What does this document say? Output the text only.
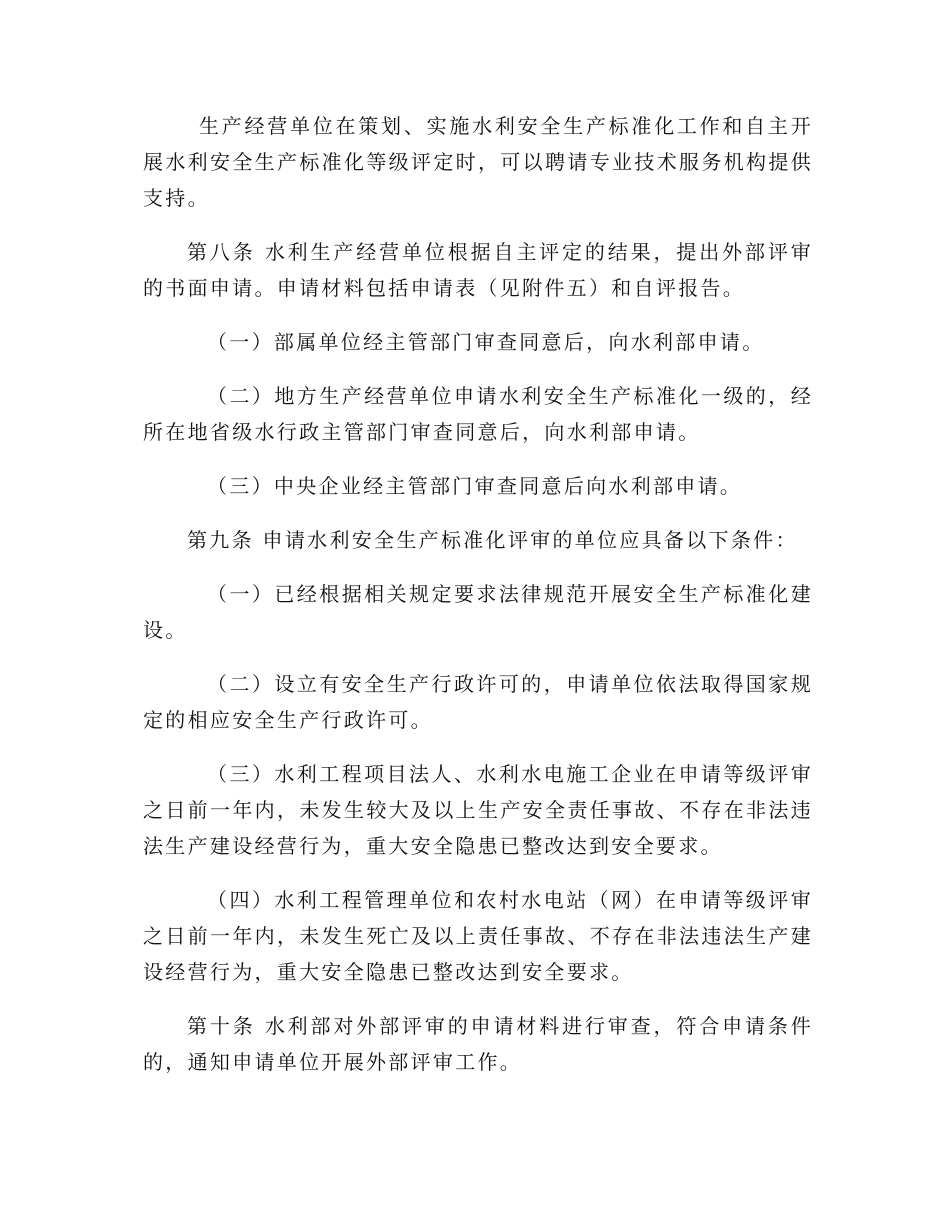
生产经营单位在策划、实施水利安全生产标准化工作和自主开展水利安全生产标准化等级评定时，可以聘请专业技术服务机构提供支持。

第八条 水利生产经营单位根据自主评定的结果，提出外部评审的书面申请。申请材料包括申请表（见附件五）和自评报告。

（一）部属单位经主管部门审查同意后，向水利部申请。

（二）地方生产经营单位申请水利安全生产标准化一级的，经所在地省级水行政主管部门审查同意后，向水利部申请。

（三）中央企业经主管部门审查同意后向水利部申请。

第九条 申请水利安全生产标准化评审的单位应具备以下条件：

（一）已经根据相关规定要求法律规范开展安全生产标准化建设。

（二）设立有安全生产行政许可的，申请单位依法取得国家规定的相应安全生产行政许可。

（三）水利工程项目法人、水利水电施工企业在申请等级评审之日前一年内，未发生较大及以上生产安全责任事故、不存在非法违法生产建设经营行为，重大安全隐患已整改达到安全要求。

（四）水利工程管理单位和农村水电站（网）在申请等级评审之日前一年内，未发生死亡及以上责任事故、不存在非法违法生产建设经营行为，重大安全隐患已整改达到安全要求。

第十条 水利部对外部评审的申请材料进行审查，符合申请条件的，通知申请单位开展外部评审工作。
